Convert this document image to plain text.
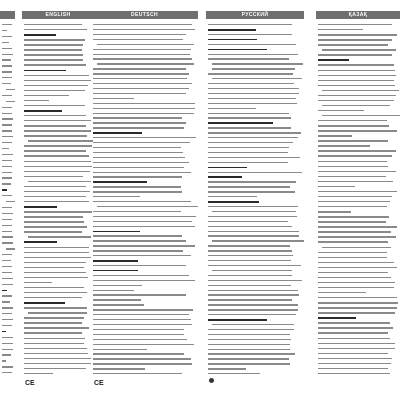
ENGLISH
CE
DEUTSCH
CE
РУССКИЙ	ҚАЗАҚ
